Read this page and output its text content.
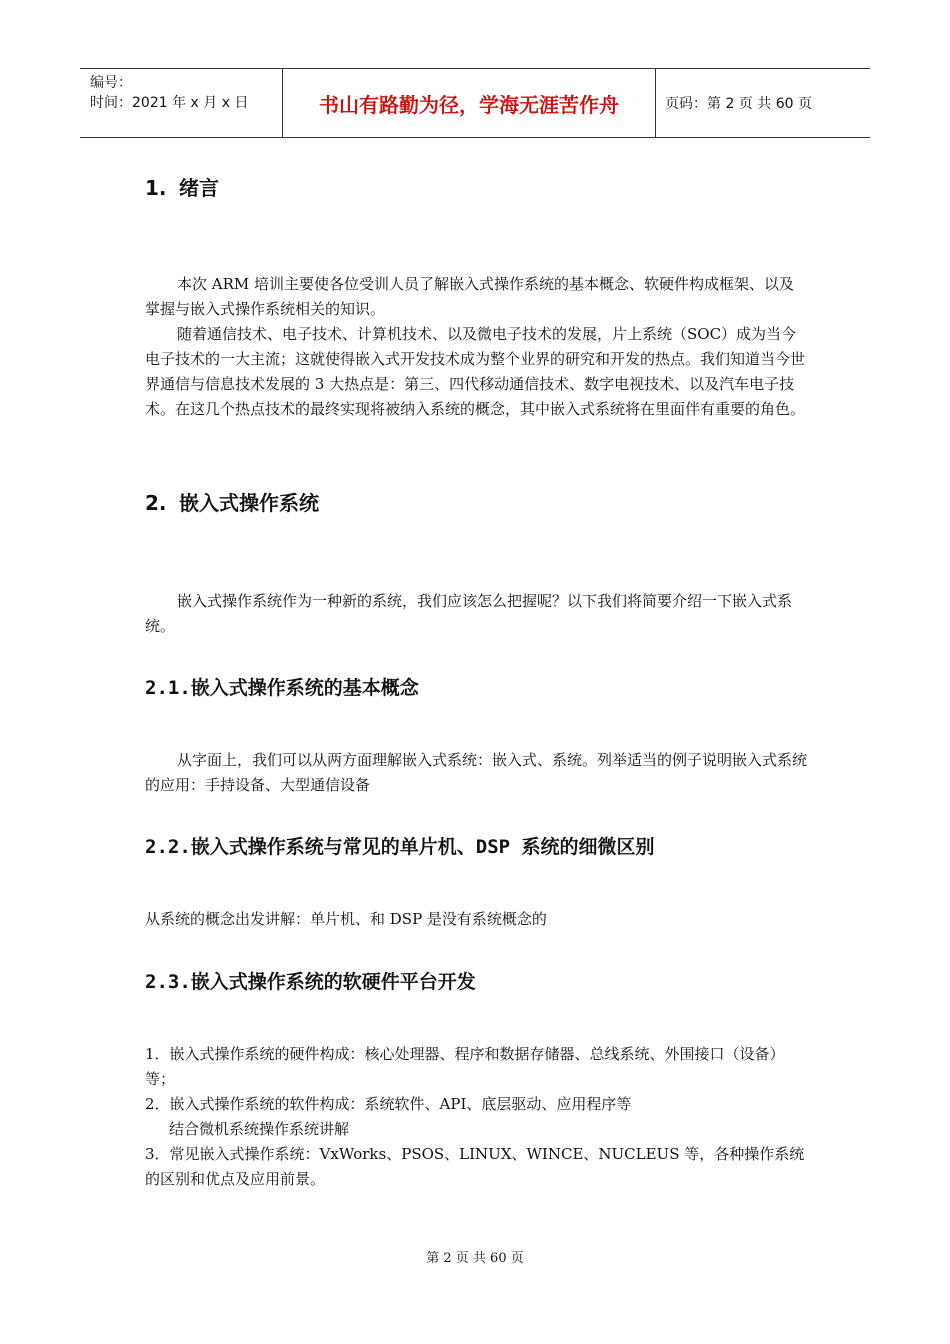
编号：
时间：2021 年 x 月 x 日	书山有路勤为径，学海无涯苦作舟	页码：第 2 页 共 60 页
1. 绪言

本次 ARM 培训主要使各位受训人员了解嵌入式操作系统的基本概念、软硬件构成框架、以及掌握与嵌入式操作系统相关的知识。

随着通信技术、电子技术、计算机技术、以及微电子技术的发展，片上系统（SOC）成为当今电子技术的一大主流；这就使得嵌入式开发技术成为整个业界的研究和开发的热点。我们知道当今世界通信与信息技术发展的 3 大热点是：第三、四代移动通信技术、数字电视技术、以及汽车电子技术。在这几个热点技术的最终实现将被纳入系统的概念，其中嵌入式系统将在里面伴有重要的角色。

2. 嵌入式操作系统

嵌入式操作系统作为一种新的系统，我们应该怎么把握呢？以下我们将简要介绍一下嵌入式系统。

2.1.嵌入式操作系统的基本概念

从字面上，我们可以从两方面理解嵌入式系统：嵌入式、系统。列举适当的例子说明嵌入式系统的应用：手持设备、大型通信设备

2.2.嵌入式操作系统与常见的单片机、DSP 系统的细微区别

从系统的概念出发讲解：单片机、和 DSP 是没有系统概念的

2.3.嵌入式操作系统的软硬件平台开发

1．嵌入式操作系统的硬件构成：核心处理器、程序和数据存储器、总线系统、外围接口（设备）等；

2．嵌入式操作系统的软件构成：系统软件、API、底层驱动、应用程序等

结合微机系统操作系统讲解

3．常见嵌入式操作系统：VxWorks、PSOS、LINUX、WINCE、NUCLEUS 等，各种操作系统的区别和优点及应用前景。

第 2 页 共 60 页
